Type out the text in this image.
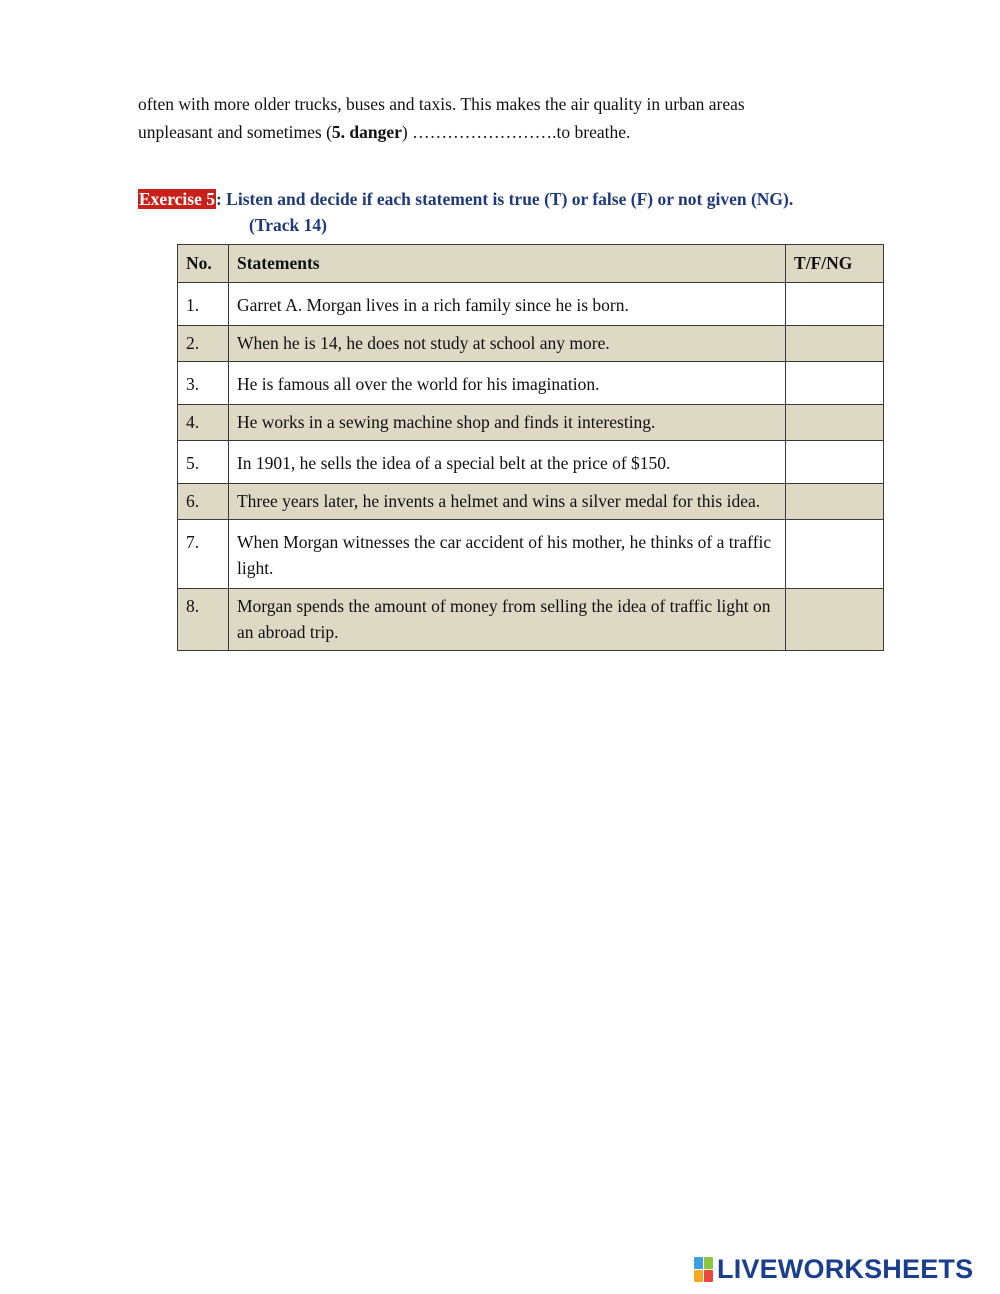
often with more older trucks, buses and taxis. This makes the air quality in urban areas
unpleasant and sometimes (5. danger) …………………….to breathe.

Exercise 5: Listen and decide if each statement is true (T) or false (F) or not given (NG).
(Track 14)
No.	Statements	T/F/NG
1.	Garret A. Morgan lives in a rich family since he is born.	
2.	When he is 14, he does not study at school any more.	
3.	He is famous all over the world for his imagination.	
4.	He works in a sewing machine shop and finds it interesting.	
5.	In 1901, he sells the idea of a special belt at the price of $150.	
6.	Three years later, he invents a helmet and wins a silver medal for this idea.	
7.	When Morgan witnesses the car accident of his mother, he thinks of a traffic light.	
8.	Morgan spends the amount of money from selling the idea of traffic light on an abroad trip.	
LIVEWORKSHEETS
